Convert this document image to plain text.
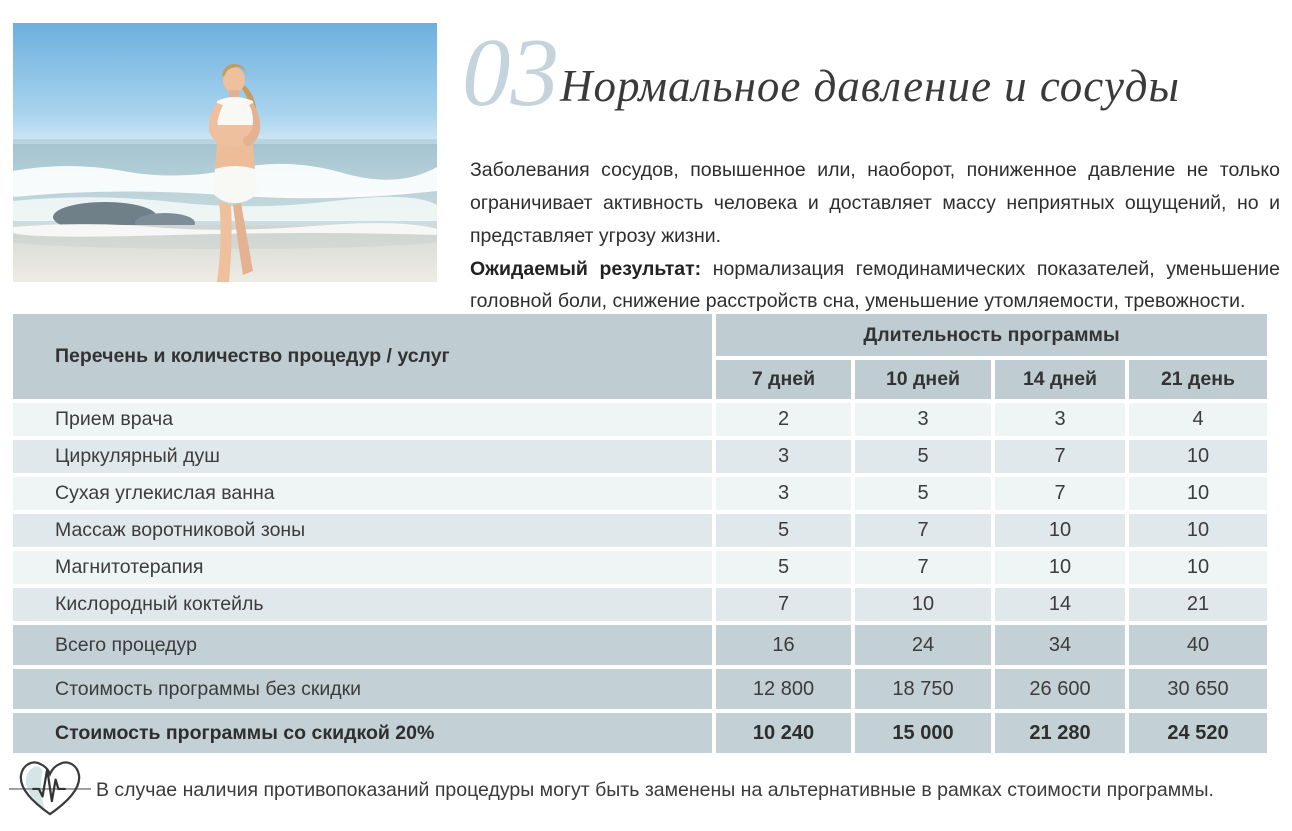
03 Нормальное давление и сосуды

Заболевания сосудов, повышенное или, наоборот, пониженное давление не только ограничивает активность человека и доставляет массу неприятных ощущений, но и представляет угрозу жизни.

Ожидаемый результат: нормализация гемодинамических показателей, уменьшение головной боли, снижение расстройств сна, уменьшение утомляемости, тревожности.

Перечень и количество процедур / услуг
Длительность программы
7 дней	10 дней	14 дней	21 день
Прием врача	2	3	3	4
Циркулярный душ	3	5	7	10
Сухая углекислая ванна	3	5	7	10
Массаж воротниковой зоны	5	7	10	10
Магнитотерапия	5	7	10	10
Кислородный коктейль	7	10	14	21
Всего процедур	16	24	34	40
Стоимость программы без скидки	12 800	18 750	26 600	30 650
Стоимость программы со скидкой 20%	10 240	15 000	21 280	24 520
В случае наличия противопоказаний процедуры могут быть заменены на альтернативные в рамках стоимости программы.
